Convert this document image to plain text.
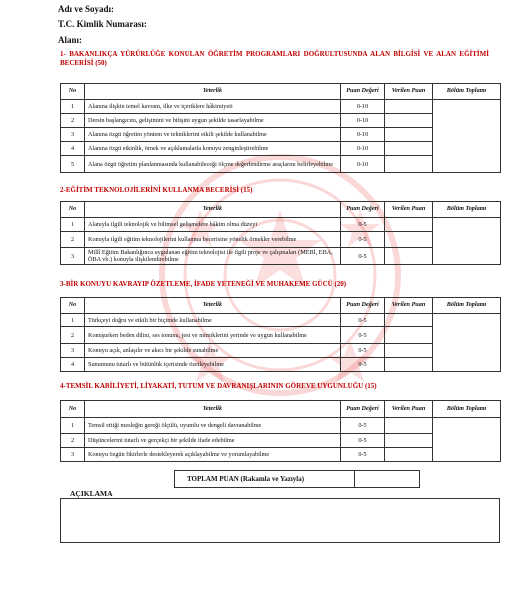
Adı ve Soyadı:
T.C. Kimlik Numarası:
Alanı:
1- BAKANLIKÇA YÜRÜRLÜĞE KONULAN ÖĞRETİM PROGRAMLARI DOĞRULTUSUNDA ALAN BİLGİSİ VE ALAN EĞİTİMİ BECERİSİ (50)
No	Yeterlik	Puan Değeri	Verilen Puan	Bölüm Toplamı
1	Alanına ilişkin temel kavram, ilke ve içeriklere hâkimiyeti	0-10		
2	Dersin başlangıcını, gelişimini ve bitişini uygun şekilde tasarlayabilme	0-10		
3	Alanına özgü öğretim yöntem ve tekniklerini etkili şekilde kullanabilme	0-10		
4	Alanına özgü etkinlik, örnek ve açıklamalarla konuyu zenginleştirebilme	0-10		
5	Alana özgü öğretim planlanmasında kullanabileceği ölçme değerlendirme araçlarını belirleyebilme	0-10		
2-EĞİTİM TEKNOLOJİLERİNİ KULLANMA BECERİSİ (15)
No	Yeterlik	Puan Değeri	Verilen Puan	Bölüm Toplamı
1	Alanıyla ilgili teknolojik ve bilimsel gelişmelere hâkim olma düzeyi	0-5		
2	Konuyla ilgili eğitim teknolojilerini kullanma becerisine yönelik örnekler verebilme	0-5		
3	Millî Eğitim Bakanlığınca uygulanan eğitim teknolojisi ile ilgili proje ve çalışmaları (MEBİ, EBA, ÖBA vb.) konuyla ilişkilendirebilme	0-5		
3-BİR KONUYU KAVRAYIP ÖZETLEME, İFADE YETENEĞİ VE MUHAKEME GÜCÜ (20)
No	Yeterlik	Puan Değeri	Verilen Puan	Bölüm Toplamı
1	Türkçeyi doğru ve etkili bir biçimde kullanabilme	0-5		
2	Konuşurken beden dilini, ses tonunu, jest ve mimiklerini yerinde ve uygun kullanabilme	0-5		
3	Konuyu açık, anlaşılır ve akıcı bir şekilde sunabilme	0-5		
4	Sunumunu tutarlı ve bütünlük içerisinde özetleyebilme	0-5		
4-TEMSİL KABİLİYETİ, LİYAKATİ, TUTUM VE DAVRANIŞLARININ GÖREVE UYGUNLUĞU (15)
No	Yeterlik	Puan Değeri	Verilen Puan	Bölüm Toplamı
1	Temsil ettiği mesleğin gereği ölçülü, uyumlu ve dengeli davranabilme	0-5		
2	Düşüncelerini tutarlı ve gerçekçi bir şekilde ifade edebilme	0-5		
3	Konuyu özgün fikirlerle destekleyerek açıklayabilme ve yorumlayabilme	0-5		
TOPLAM PUAN (Rakamla ve Yazıyla)
AÇIKLAMA
